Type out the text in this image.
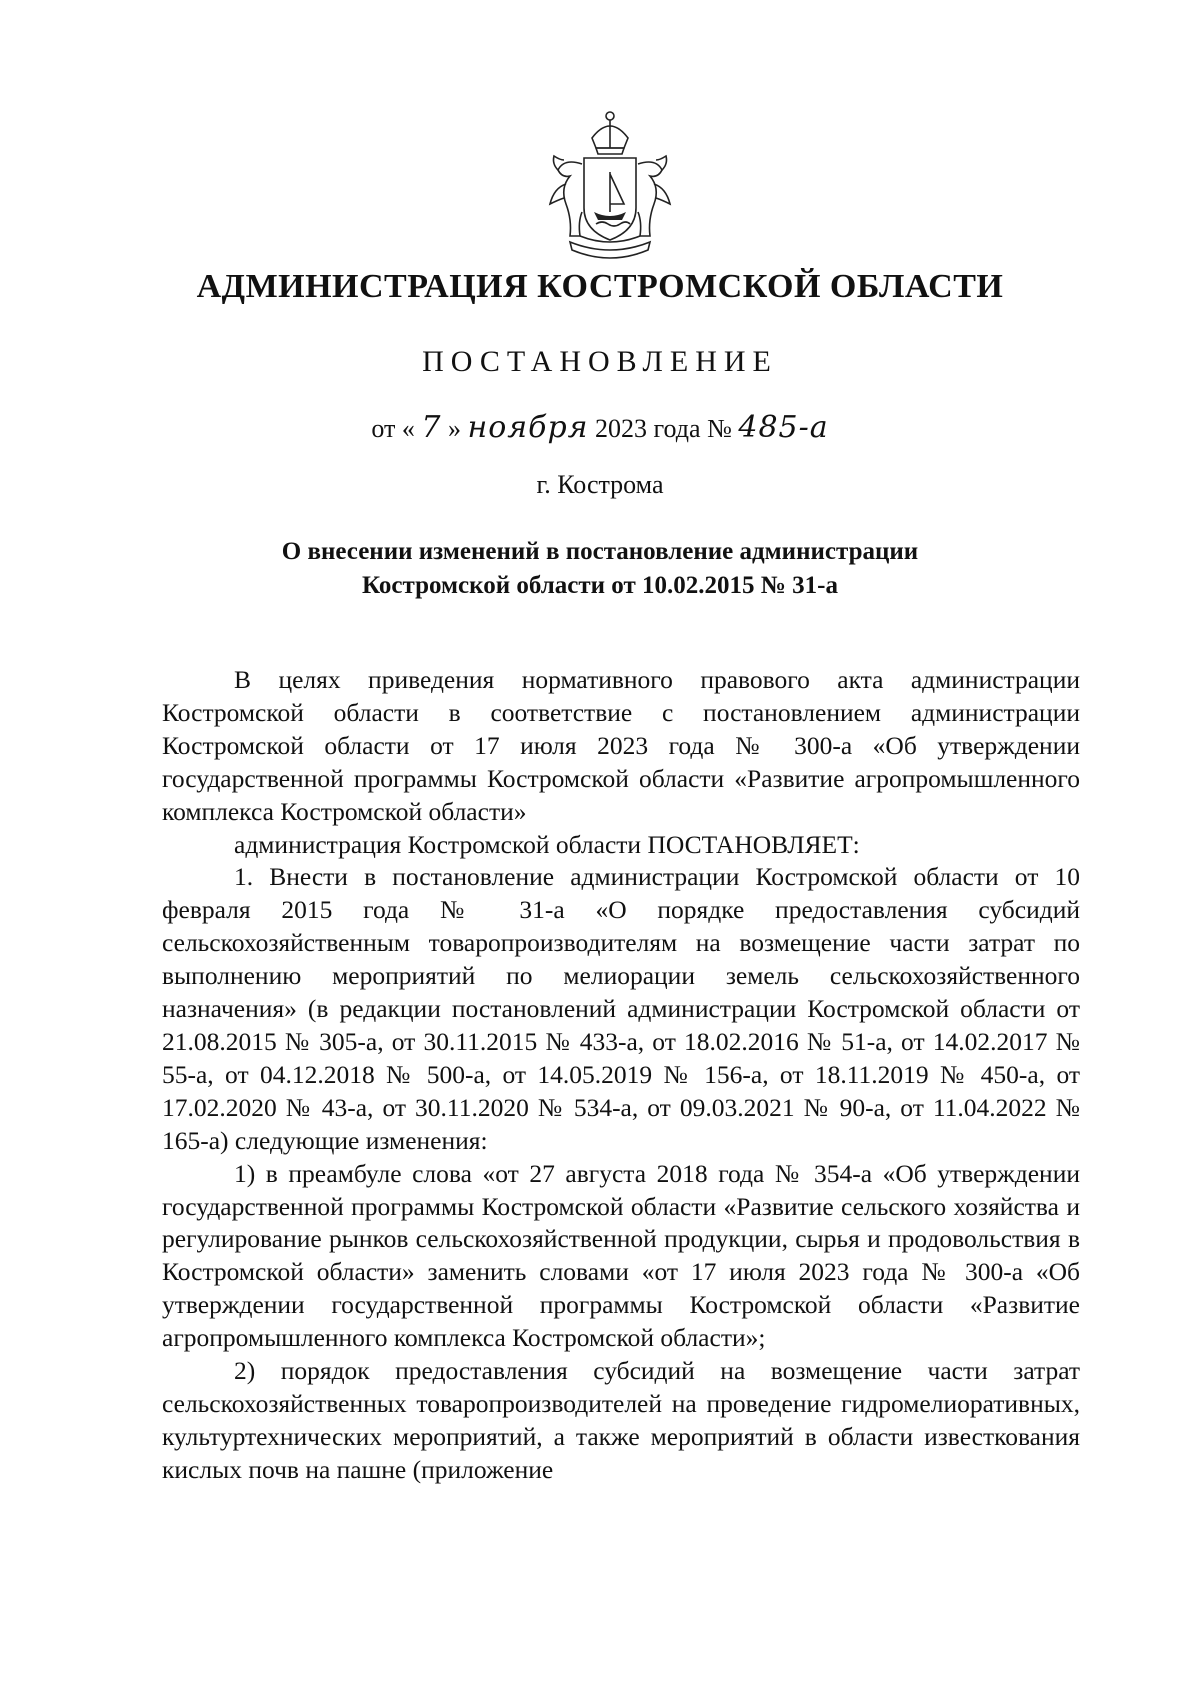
АДМИНИСТРАЦИЯ КОСТРОМСКОЙ ОБЛАСТИ
ПОСТАНОВЛЕНИЕ
от « 7 » ноября 2023 года № 485-а
г. Кострома
О внесении изменений в постановление администрации
Костромской области от 10.02.2015 № 31-а

В целях приведения нормативного правового акта администрации Костромской области в соответствие с постановлением администрации Костромской области от 17 июля 2023 года № 300-а «Об утверждении государственной программы Костромской области «Развитие агропромышленного комплекса Костромской области»

администрация Костромской области ПОСТАНОВЛЯЕТ:

1. Внести в постановление администрации Костромской области от 10 февраля 2015 года № 31-а «О порядке предоставления субсидий сельскохозяйственным товаропроизводителям на возмещение части затрат по выполнению мероприятий по мелиорации земель сельскохозяйственного назначения» (в редакции постановлений администрации Костромской области от 21.08.2015 № 305-а, от 30.11.2015 № 433-а, от 18.02.2016 № 51-а, от 14.02.2017 № 55-а, от 04.12.2018 № 500-а, от 14.05.2019 № 156-а, от 18.11.2019 № 450-а, от 17.02.2020 № 43-а, от 30.11.2020 № 534-а, от 09.03.2021 № 90-а, от 11.04.2022 № 165-а) следующие изменения:

1) в преамбуле слова «от 27 августа 2018 года № 354-а «Об утверждении государственной программы Костромской области «Развитие сельского хозяйства и регулирование рынков сельскохозяйственной продукции, сырья и продовольствия в Костромской области» заменить словами «от 17 июля 2023 года № 300-а «Об утверждении государственной программы Костромской области «Развитие агропромышленного комплекса Костромской области»;

2) порядок предоставления субсидий на возмещение части затрат сельскохозяйственных товаропроизводителей на проведение гидромелиоративных, культуртехнических мероприятий, а также мероприятий в области известкования кислых почв на пашне (приложение
